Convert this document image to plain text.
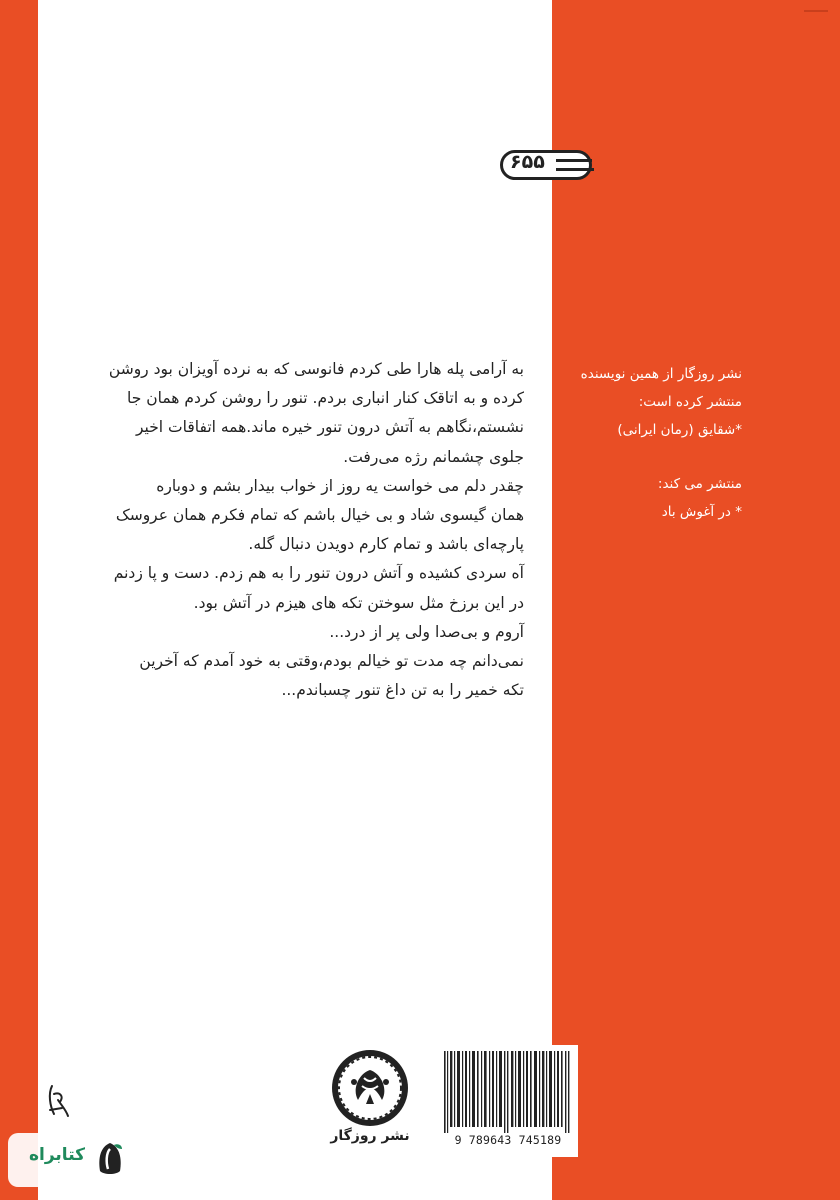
۶۵۵

به آرامی پله هارا طی کردم فانوسی که به نرده آویزان بود روشن

کرده و به اتاقک کنار انباری بردم. تنور را روشن کردم همان جا

نشستم،نگاهم به آتش درون تنور خیره ماند.همه اتفاقات اخیر

جلوی چشمانم رژه می‌رفت.

چقدر دلم می خواست یه روز از خواب بیدار بشم و دوباره

همان گیسوی شاد و بی خیال باشم که تمام فکرم همان عروسک

پارچه‌ای باشد و تمام کارم دویدن دنبال گله.

آه سردی کشیده و آتش درون تنور را به هم زدم. دست و پا زدنم

در این برزخ مثل سوختن تکه های هیزم در آتش بود.

آروم و بی‌صدا ولی پر از درد...

نمی‌دانم چه مدت تو خیالم بودم،وقتی به خود آمدم که آخرین

تکه خمیر را به تن داغ تنور چسباندم...

نشر روزگار از همین نویسنده

منتشر کرده است:

*شقایق (رمان ایرانی)

منتشر می کند:

* در آغوش باد

نشر روزگار	9 789643 745189
کتابراه
